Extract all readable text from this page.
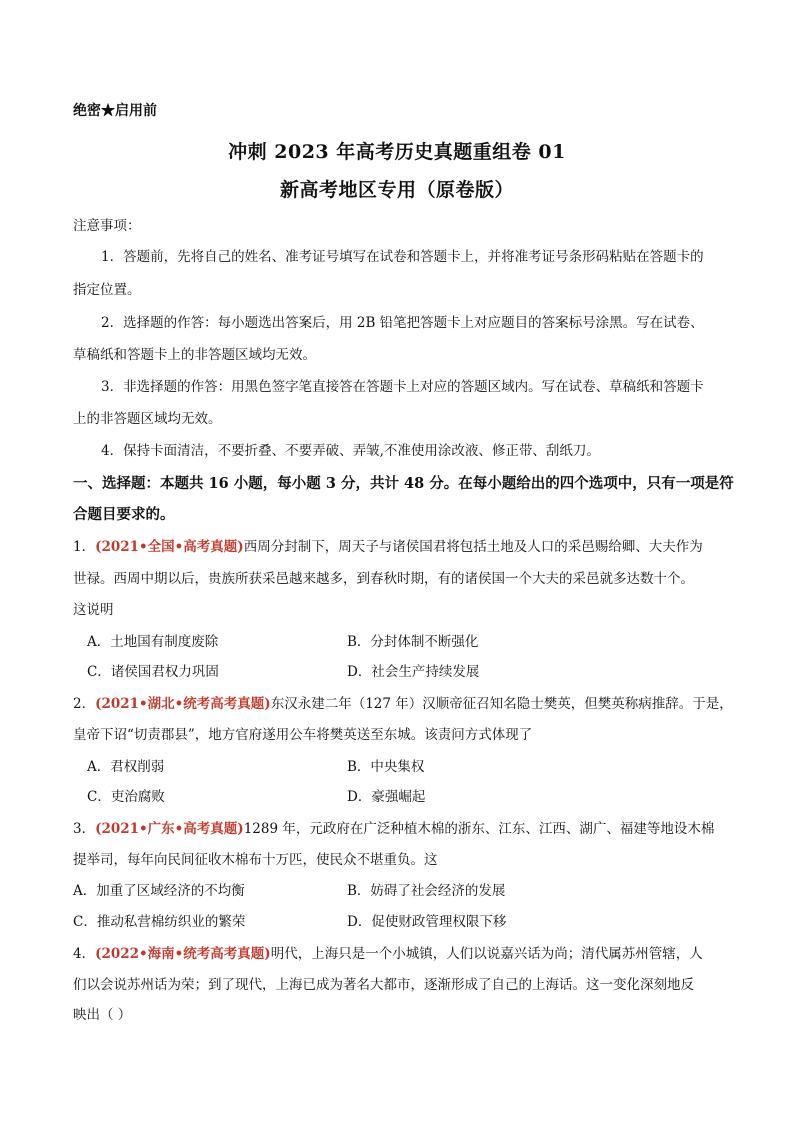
绝密★启用前
冲刺 2023 年高考历史真题重组卷 01
新高考地区专用（原卷版）
注意事项：
1．答题前，先将自己的姓名、准考证号填写在试卷和答题卡上，并将准考证号条形码粘贴在答题卡的
指定位置。
2．选择题的作答：每小题选出答案后，用 2B 铅笔把答题卡上对应题目的答案标号涂黑。写在试卷、
草稿纸和答题卡上的非答题区域均无效。
3．非选择题的作答：用黑色签字笔直接答在答题卡上对应的答题区域内。写在试卷、草稿纸和答题卡
上的非答题区域均无效。
4．保持卡面清洁，不要折叠、不要弄破、弄皱,不准使用涂改液、修正带、刮纸刀。
一、选择题：本题共 16 小题，每小题 3 分，共计 48 分。在每小题给出的四个选项中，只有一项是符
合题目要求的。
1．(2021•全国•高考真题)西周分封制下，周天子与诸侯国君将包括土地及人口的采邑赐给卿、大夫作为
世禄。西周中期以后，贵族所获采邑越来越多，到春秋时期，有的诸侯国一个大夫的采邑就多达数十个。
这说明
A．土地国有制度废除	B．分封体制不断强化
C．诸侯国君权力巩固	D．社会生产持续发展
2．(2021•湖北•统考高考真题)东汉永建二年（127 年）汉顺帝征召知名隐士樊英，但樊英称病推辞。于是，
皇帝下诏“切责郡县”，地方官府遂用公车将樊英送至东城。该责问方式体现了
A．君权削弱	B．中央集权
C．吏治腐败	D．豪强崛起
3．(2021•广东•高考真题)1289 年，元政府在广泛种植木棉的浙东、江东、江西、湖广、福建等地设木棉
提举司，每年向民间征收木棉布十万匹，使民众不堪重负。这
A．加重了区域经济的不均衡	B．妨碍了社会经济的发展
C．推动私营棉纺织业的繁荣	D．促使财政管理权限下移
4．(2022•海南•统考高考真题)明代，上海只是一个小城镇，人们以说嘉兴话为尚；清代属苏州管辖，人
们以会说苏州话为荣；到了现代，上海已成为著名大都市，逐渐形成了自己的上海话。这一变化深刻地反
映出（ ）
